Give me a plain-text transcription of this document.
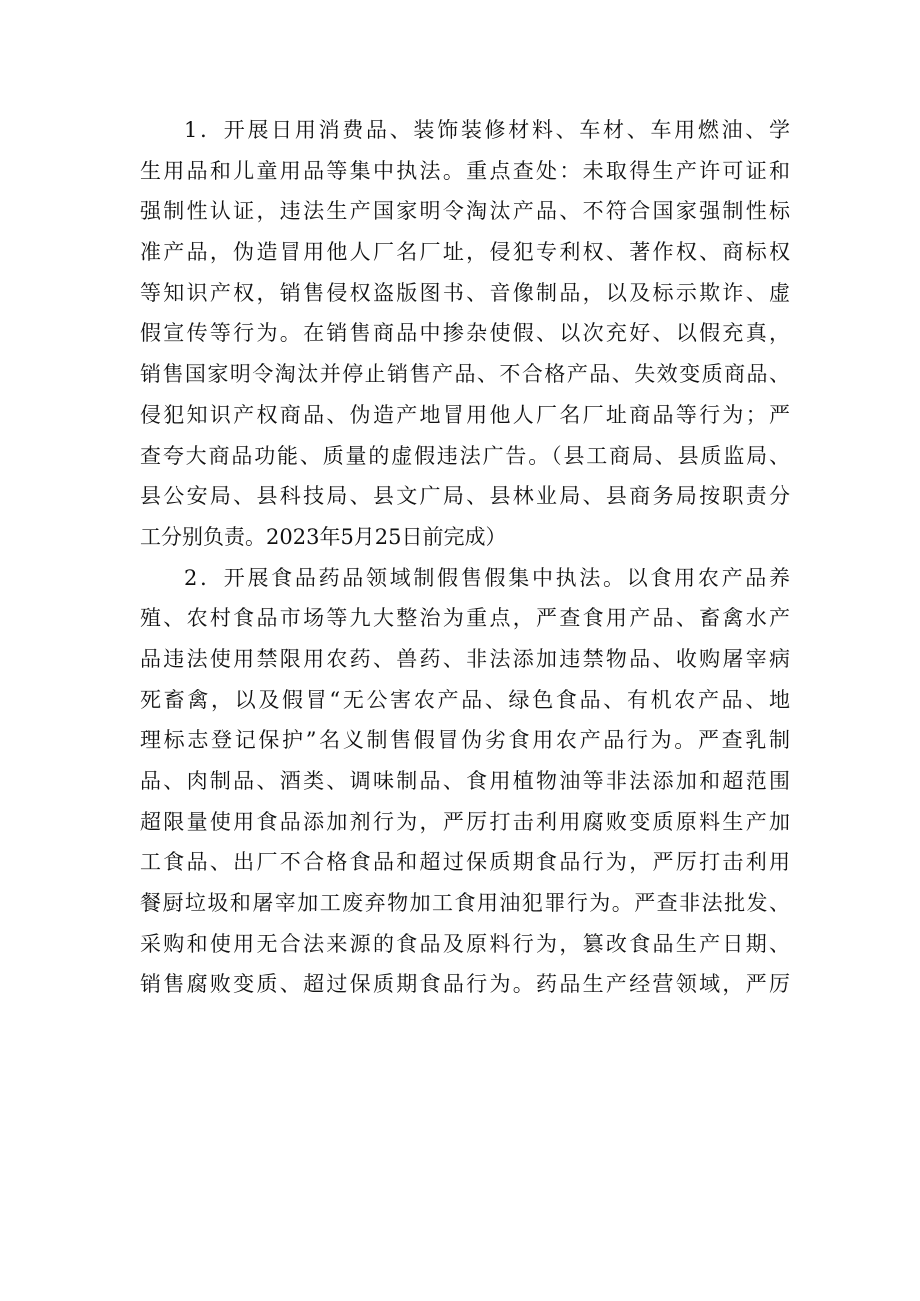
1．开展日用消费品、装饰装修材料、车材、车用燃油、学
生用品和儿童用品等集中执法。重点查处：未取得生产许可证和
强制性认证，违法生产国家明令淘汰产品、不符合国家强制性标
准产品，伪造冒用他人厂名厂址，侵犯专利权、著作权、商标权
等知识产权，销售侵权盗版图书、音像制品，以及标示欺诈、虚
假宣传等行为。在销售商品中掺杂使假、以次充好、以假充真，
销售国家明令淘汰并停止销售产品、不合格产品、失效变质商品、
侵犯知识产权商品、伪造产地冒用他人厂名厂址商品等行为；严
查夸大商品功能、质量的虚假违法广告。（县工商局、县质监局、
县公安局、县科技局、县文广局、县林业局、县商务局按职责分
工分别负责。2023年5月25日前完成）
2．开展食品药品领域制假售假集中执法。以食用农产品养
殖、农村食品市场等九大整治为重点，严查食用产品、畜禽水产
品违法使用禁限用农药、兽药、非法添加违禁物品、收购屠宰病
死畜禽，以及假冒“无公害农产品、绿色食品、有机农产品、地
理标志登记保护”名义制售假冒伪劣食用农产品行为。严查乳制
品、肉制品、酒类、调味制品、食用植物油等非法添加和超范围
超限量使用食品添加剂行为，严厉打击利用腐败变质原料生产加
工食品、出厂不合格食品和超过保质期食品行为，严厉打击利用
餐厨垃圾和屠宰加工废弃物加工食用油犯罪行为。严查非法批发、
采购和使用无合法来源的食品及原料行为，篡改食品生产日期、
销售腐败变质、超过保质期食品行为。药品生产经营领域，严厉
